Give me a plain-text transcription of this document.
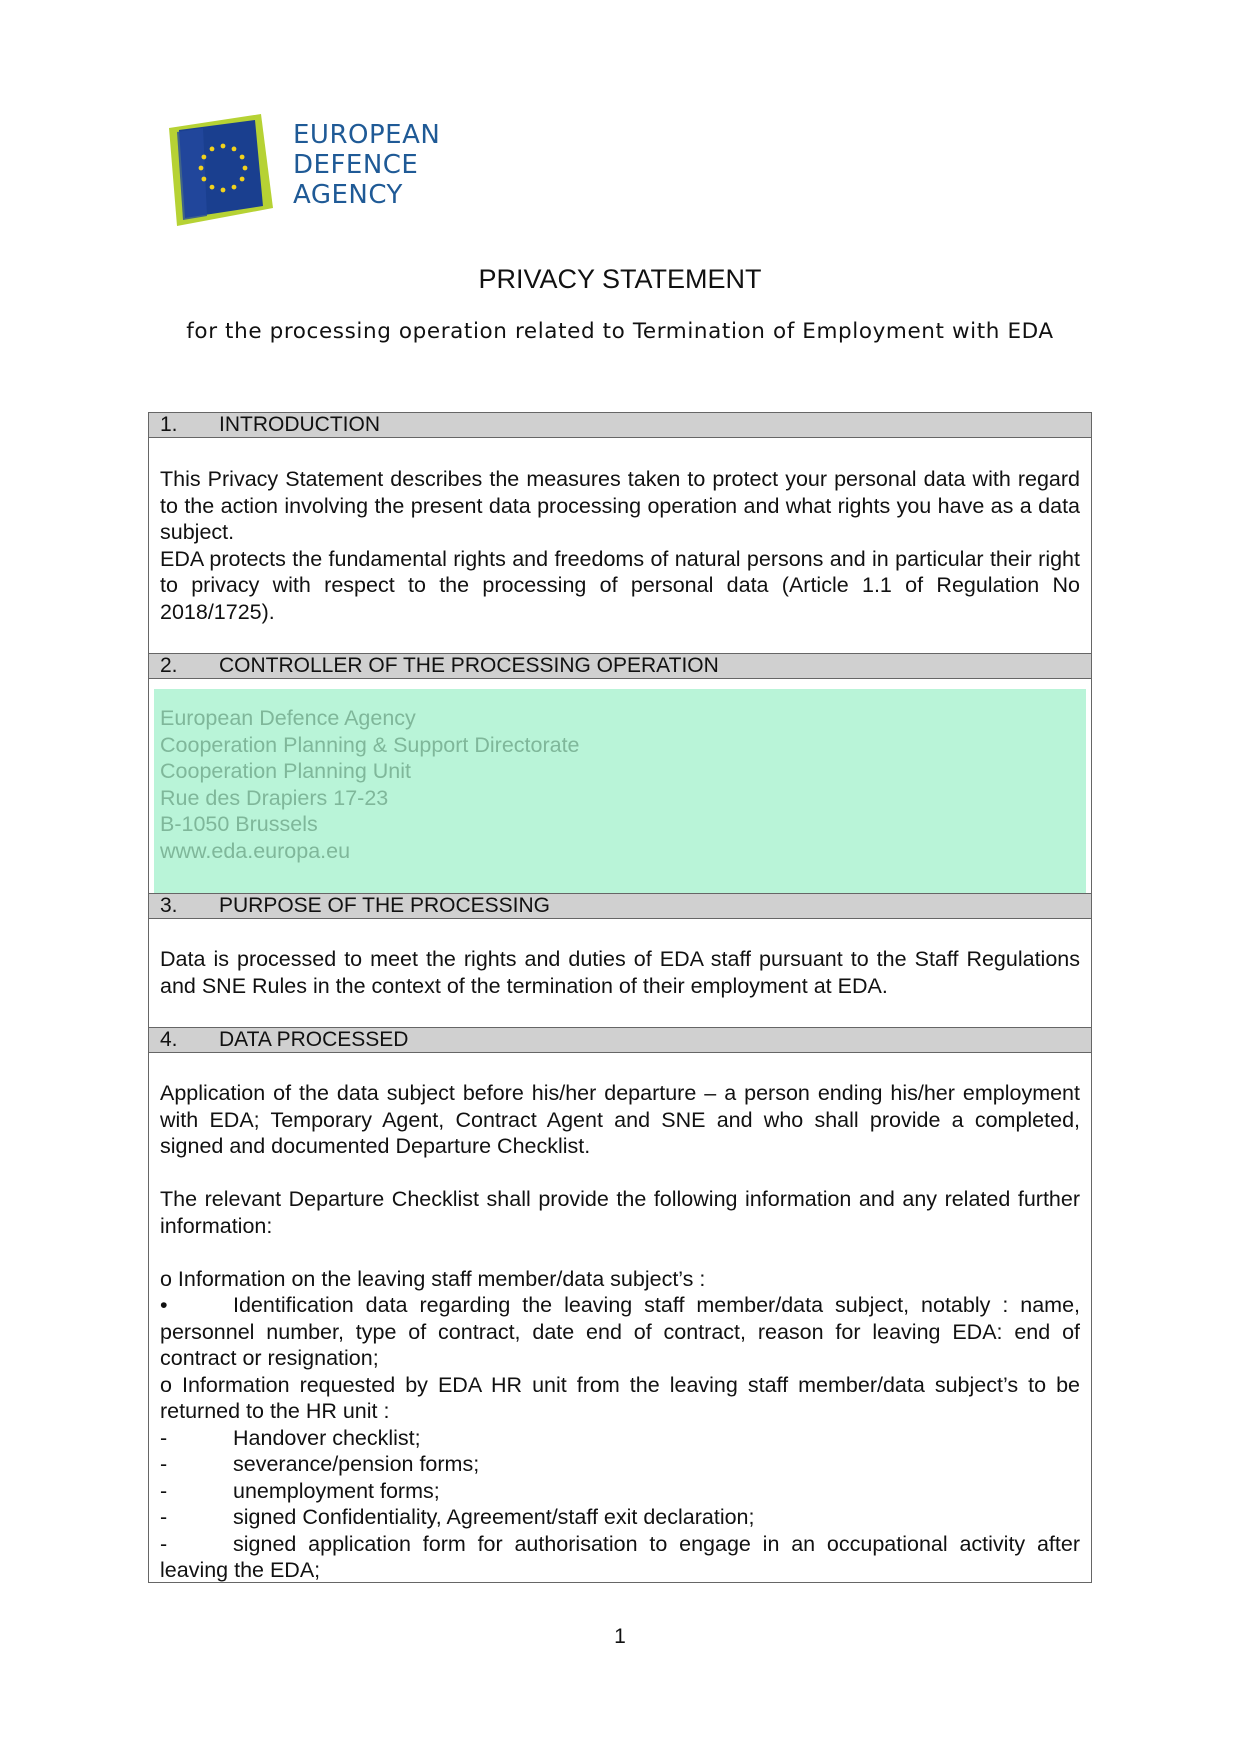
EUROPEAN
DEFENCE
AGENCY
PRIVACY STATEMENT
for the processing operation related to Termination of Employment with EDA
1. INTRODUCTION

This Privacy Statement describes the measures taken to protect your personal data with regard to the action involving the present data processing operation and what rights you have as a data subject.

EDA protects the fundamental rights and freedoms of natural persons and in particular their right to privacy with respect to the processing of personal data (Article 1.1 of Regulation No 2018/1725).

2. CONTROLLER OF THE PROCESSING OPERATION
European Defence Agency
Cooperation Planning & Support Directorate
Cooperation Planning Unit
Rue des Drapiers 17-23
B-1050 Brussels
www.eda.europa.eu
3. PURPOSE OF THE PROCESSING

Data is processed to meet the rights and duties of EDA staff pursuant to the Staff Regulations and SNE Rules in the context of the termination of their employment at EDA.

4. DATA PROCESSED

Application of the data subject before his/her departure – a person ending his/her employment with EDA; Temporary Agent, Contract Agent and SNE and who shall provide a completed, signed and documented Departure Checklist.

The relevant Departure Checklist shall provide the following information and any related further information:

o Information on the leaving staff member/data subject’s :

•	Identification data regarding the leaving staff member/data subject, notably : name, personnel number, type of contract, date end of contract, reason for leaving EDA: end of contract or resignation;

o Information requested by EDA HR unit from the leaving staff member/data subject’s to be returned to the HR unit :

-	Handover checklist;
-	severance/pension forms;
-	unemployment forms;
-	signed Confidentiality, Agreement/staff exit declaration;
-	signed application form for authorisation to engage in an occupational activity after leaving the EDA;
1
